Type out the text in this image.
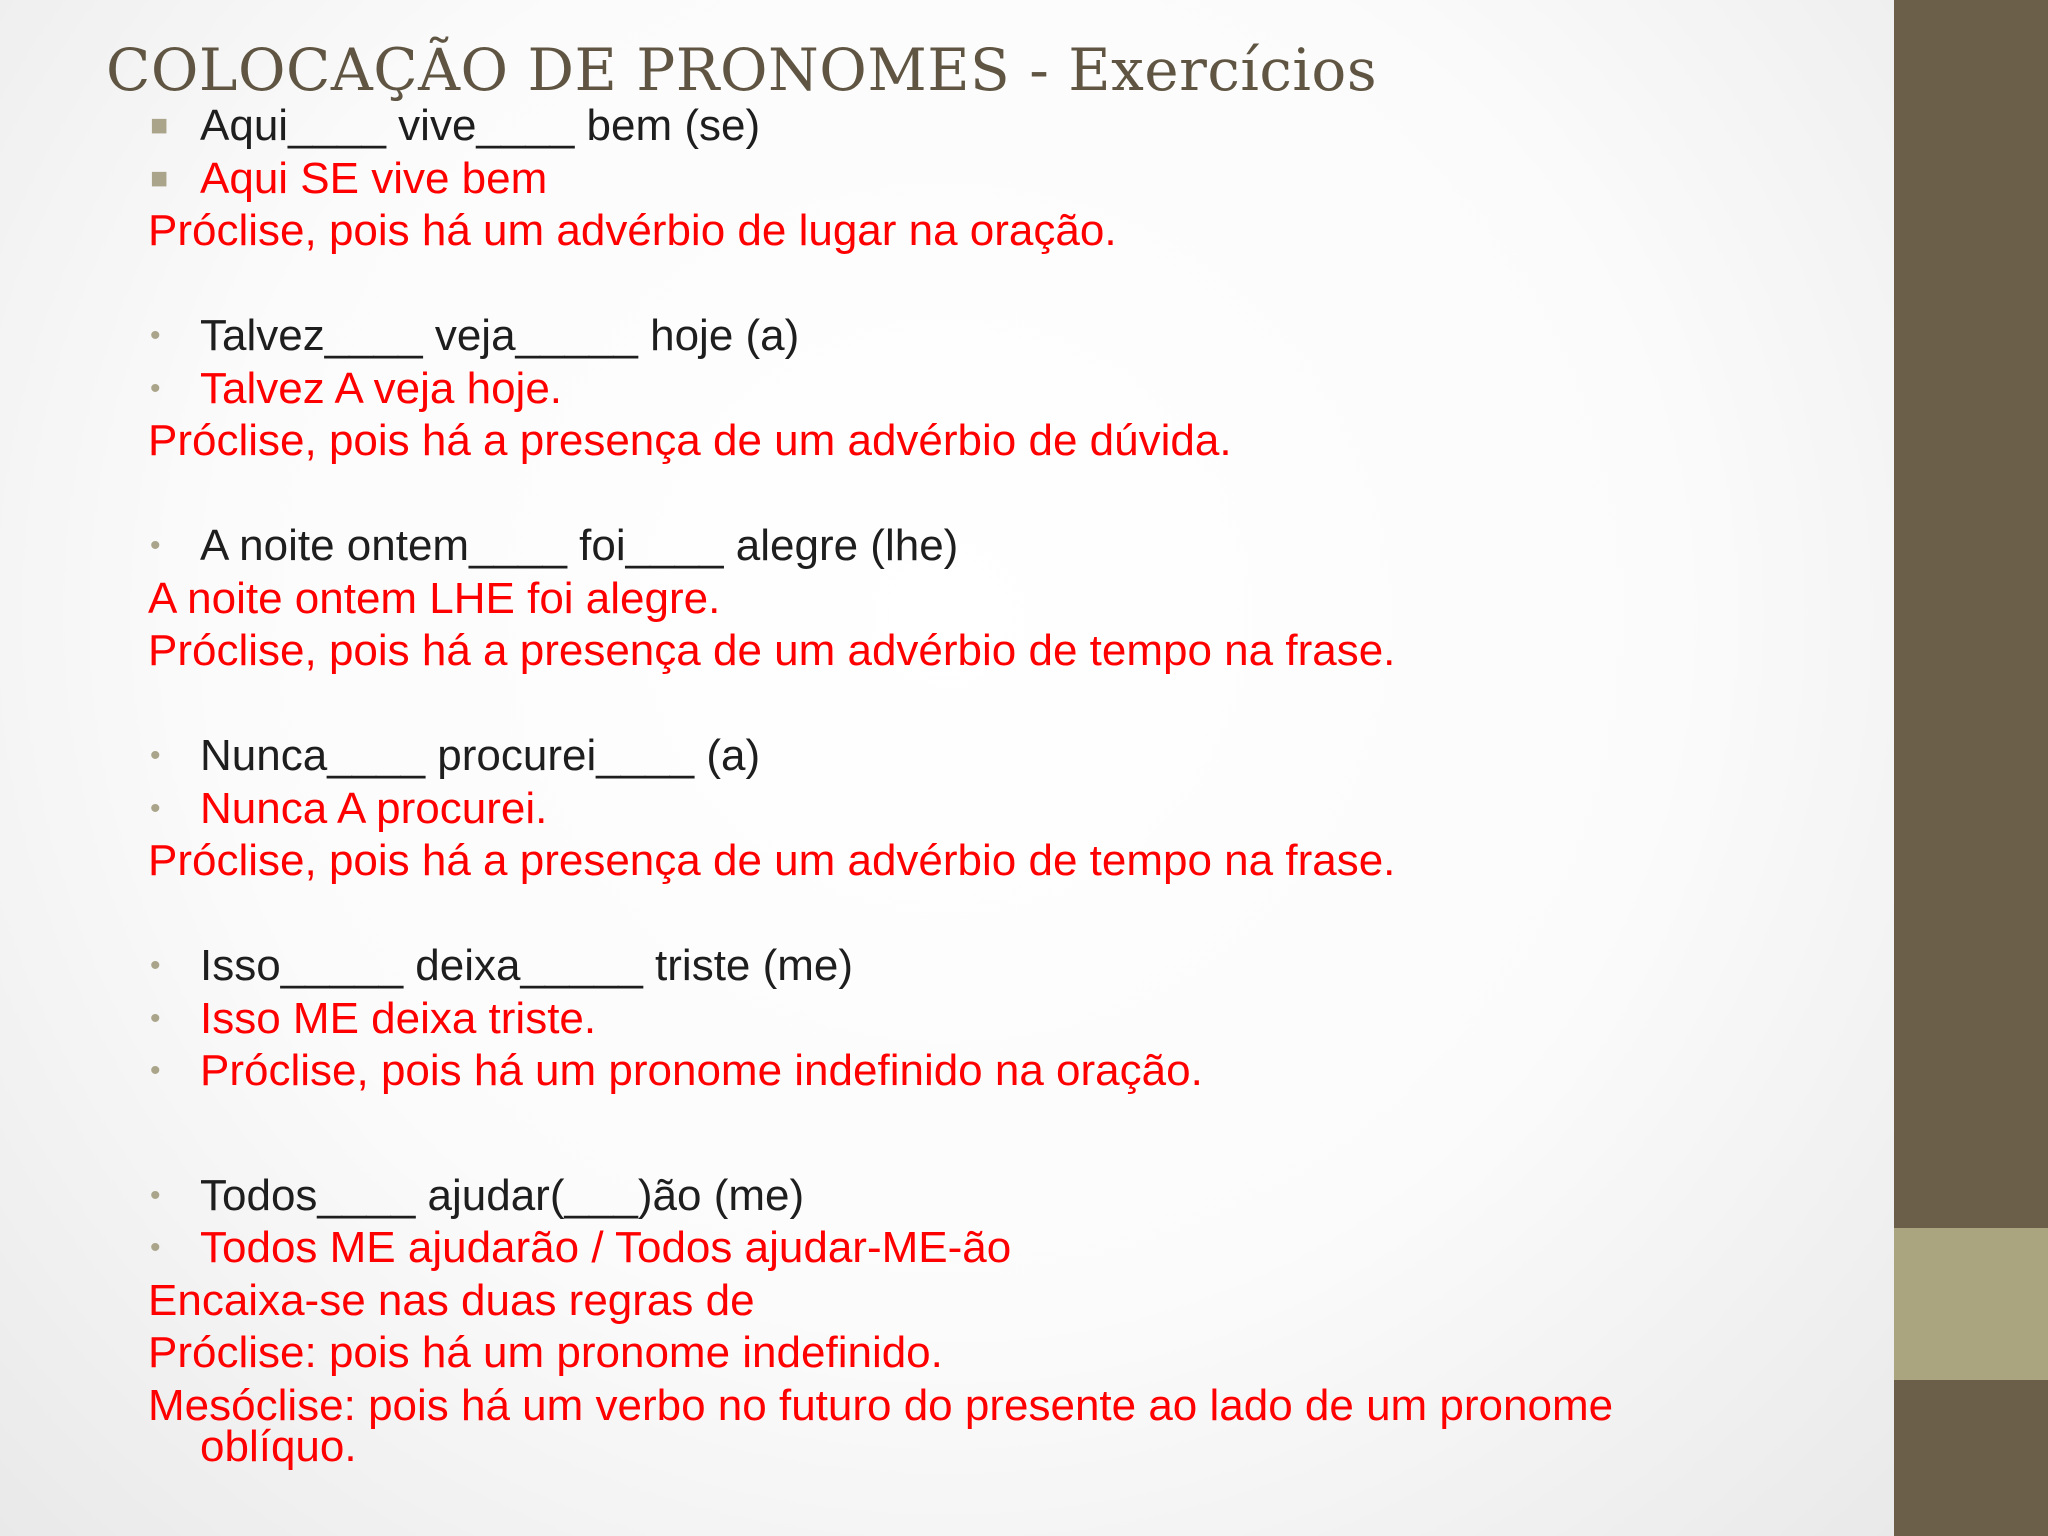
COLOCAÇÃO DE PRONOMES - Exercícios
■ Aqui____ vive____ bem (se)
■ Aqui SE vive bem
Próclise, pois há um advérbio de lugar na oração.
• Talvez____ veja_____ hoje (a)
• Talvez A veja hoje.
Próclise, pois há a presença de um advérbio de dúvida.
• A noite ontem____ foi____ alegre (lhe)
A noite ontem LHE foi alegre.
Próclise, pois há a presença de um advérbio de tempo na frase.
• Nunca____ procurei____ (a)
• Nunca A procurei.
Próclise, pois há a presença de um advérbio de tempo na frase.
• Isso_____ deixa_____ triste (me)
• Isso ME deixa triste.
• Próclise, pois há um pronome indefinido na oração.
• Todos____ ajudar(___)ão (me)
• Todos ME ajudarão / Todos ajudar-ME-ão
Encaixa-se nas duas regras de
Próclise: pois há um pronome indefinido.
Mesóclise: pois há um verbo no futuro do presente ao lado de um pronome
oblíquo.
